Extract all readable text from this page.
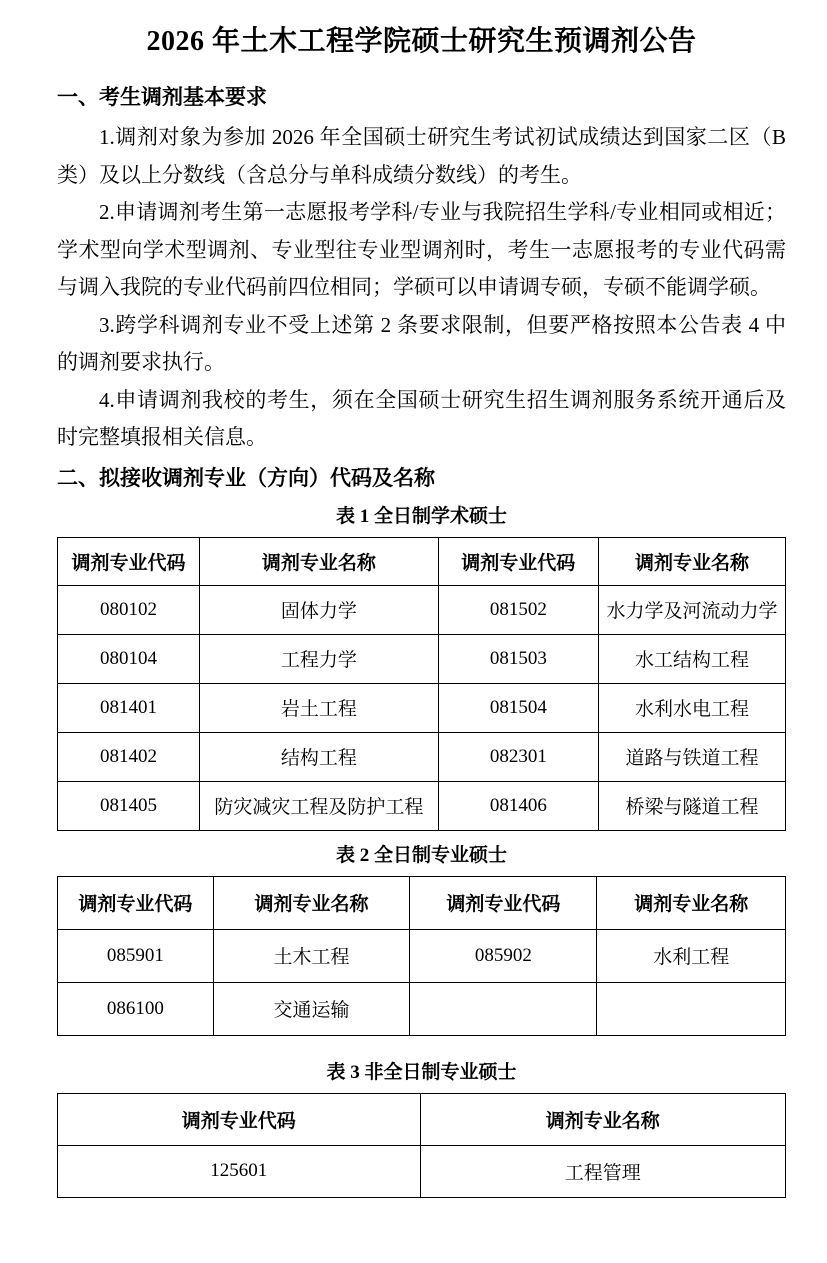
2026 年土木工程学院硕士研究生预调剂公告
一、考生调剂基本要求

1.调剂对象为参加 2026 年全国硕士研究生考试初试成绩达到国家二区（B类）及以上分数线（含总分与单科成绩分数线）的考生。

2.申请调剂考生第一志愿报考学科/专业与我院招生学科/专业相同或相近；学术型向学术型调剂、专业型往专业型调剂时，考生一志愿报考的专业代码需与调入我院的专业代码前四位相同；学硕可以申请调专硕，专硕不能调学硕。

3.跨学科调剂专业不受上述第 2 条要求限制，但要严格按照本公告表 4 中的调剂要求执行。

4.申请调剂我校的考生，须在全国硕士研究生招生调剂服务系统开通后及时完整填报相关信息。

二、拟接收调剂专业（方向）代码及名称
表 1 全日制学术硕士
调剂专业代码	调剂专业名称	调剂专业代码	调剂专业名称
080102	固体力学	081502	水力学及河流动力学
080104	工程力学	081503	水工结构工程
081401	岩土工程	081504	水利水电工程
081402	结构工程	082301	道路与铁道工程
081405	防灾减灾工程及防护工程	081406	桥梁与隧道工程
表 2 全日制专业硕士
调剂专业代码	调剂专业名称	调剂专业代码	调剂专业名称
085901	土木工程	085902	水利工程
086100	交通运输		
表 3 非全日制专业硕士
调剂专业代码	调剂专业名称
125601	工程管理
